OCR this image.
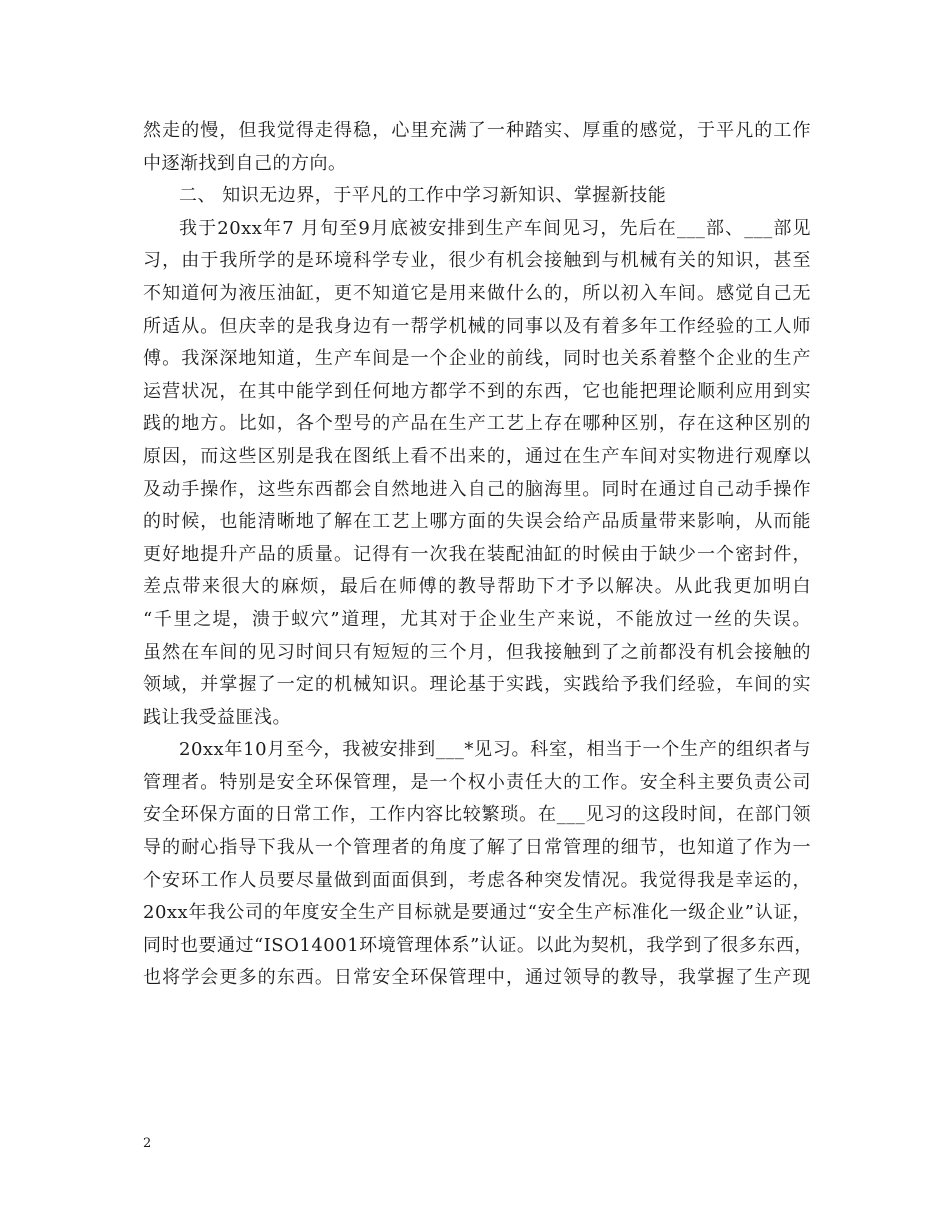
然走的慢，但我觉得走得稳，心里充满了一种踏实、厚重的感觉，于平凡的工作
中逐渐找到自己的方向。
二、 知识无边界，于平凡的工作中学习新知识、掌握新技能
我于20xx年7 月旬至9月底被安排到生产车间见习，先后在___部、___部见
习，由于我所学的是环境科学专业，很少有机会接触到与机械有关的知识，甚至
不知道何为液压油缸，更不知道它是用来做什么的，所以初入车间。感觉自己无
所适从。但庆幸的是我身边有一帮学机械的同事以及有着多年工作经验的工人师
傅。我深深地知道，生产车间是一个企业的前线，同时也关系着整个企业的生产
运营状况，在其中能学到任何地方都学不到的东西，它也能把理论顺利应用到实
践的地方。比如，各个型号的产品在生产工艺上存在哪种区别，存在这种区别的
原因，而这些区别是我在图纸上看不出来的，通过在生产车间对实物进行观摩以
及动手操作，这些东西都会自然地进入自己的脑海里。同时在通过自己动手操作
的时候，也能清晰地了解在工艺上哪方面的失误会给产品质量带来影响，从而能
更好地提升产品的质量。记得有一次我在装配油缸的时候由于缺少一个密封件，
差点带来很大的麻烦，最后在师傅的教导帮助下才予以解决。从此我更加明白
“千里之堤，溃于蚁穴”道理，尤其对于企业生产来说，不能放过一丝的失误。
虽然在车间的见习时间只有短短的三个月，但我接触到了之前都没有机会接触的
领域，并掌握了一定的机械知识。理论基于实践，实践给予我们经验，车间的实
践让我受益匪浅。
20xx年10月至今，我被安排到___*见习。科室，相当于一个生产的组织者与
管理者。特别是安全环保管理，是一个权小责任大的工作。安全科主要负责公司
安全环保方面的日常工作，工作内容比较繁琐。在___见习的这段时间，在部门领
导的耐心指导下我从一个管理者的角度了解了日常管理的细节，也知道了作为一
个安环工作人员要尽量做到面面俱到，考虑各种突发情况。我觉得我是幸运的，
20xx年我公司的年度安全生产目标就是要通过“安全生产标准化一级企业”认证，
同时也要通过“ISO14001环境管理体系”认证。以此为契机，我学到了很多东西，
也将学会更多的东西。日常安全环保管理中，通过领导的教导，我掌握了生产现
2
